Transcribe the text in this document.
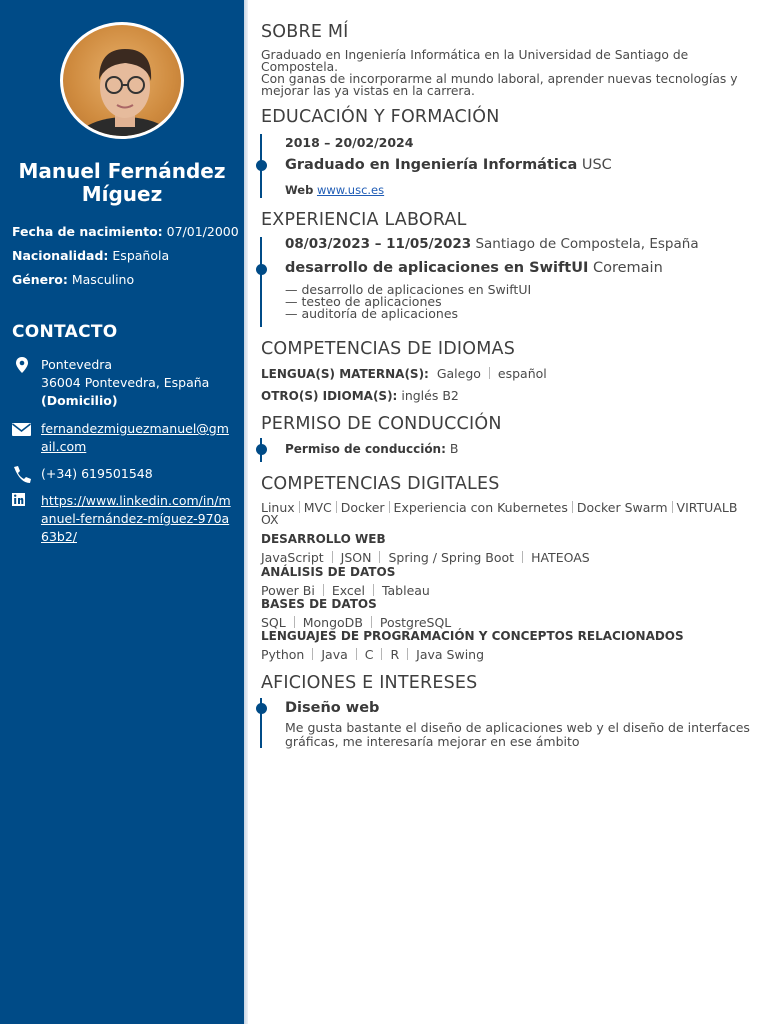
Manuel Fernández Míguez
Fecha de nacimiento: 07/01/2000
Nacionalidad: Española
Género: Masculino
CONTACTO
Pontevedra
36004 Pontevedra, España
(Domicilio)
fernandezmiguezmanuel@gmail.com
(+34) 619501548
https://www.linkedin.com/in/manuel-fernández-míguez-970a63b2/
SOBRE MÍ
Graduado en Ingeniería Informática en la Universidad de Santiago de
Compostela.
Con ganas de incorporarme al mundo laboral, aprender nuevas tecnologías y
mejorar las ya vistas en la carrera.
EDUCACIÓN Y FORMACIÓN
2018 – 20/02/2024
Graduado en Ingeniería Informática USC
Web www.usc.es
EXPERIENCIA LABORAL
08/03/2023 – 11/05/2023 Santiago de Compostela, España
desarrollo de aplicaciones en SwiftUI Coremain
— desarrollo de aplicaciones en SwiftUI
— testeo de aplicaciones
— auditoría de aplicaciones
COMPETENCIAS DE IDIOMAS
LENGUA(S) MATERNA(S): Galego español
OTRO(S) IDIOMA(S): inglés B2
PERMISO DE CONDUCCIÓN
Permiso de conducción: B
COMPETENCIAS DIGITALES
Linux MVC Docker Experiencia con Kubernetes Docker Swarm VIRTUALB
OX
DESARROLLO WEB
JavaScript JSON Spring / Spring Boot HATEOAS
ANÁLISIS DE DATOS
Power Bi Excel Tableau
BASES DE DATOS
SQL MongoDB PostgreSQL
LENGUAJES DE PROGRAMACIÓN Y CONCEPTOS RELACIONADOS
Python Java C R Java Swing
AFICIONES E INTERESES
Diseño web
Me gusta bastante el diseño de aplicaciones web y el diseño de interfaces
gráficas, me interesaría mejorar en ese ámbito
